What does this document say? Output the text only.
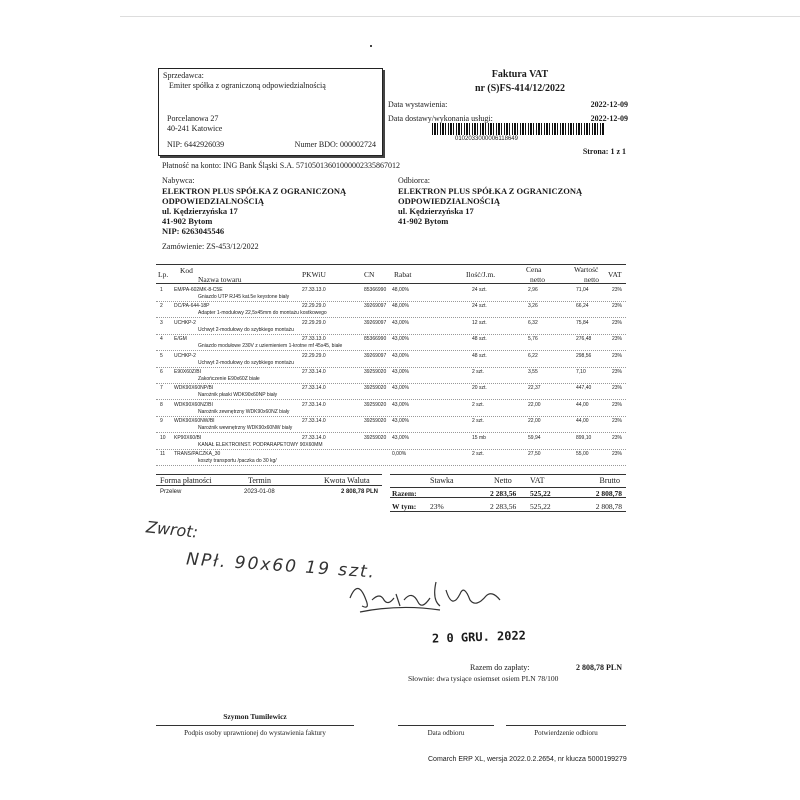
Sprzedawca:
Emiter spółka z ograniczoną odpowiedzialnością
Porcelanowa 27
40-241 Katowice
NIP: 6442926039	Numer BDO: 000002724
Faktura VAT
nr (S)FS-414/12/2022
Data wystawienia:	2022-12-09
Data dostawy/wykonania usługi:	2022-12-09
0102033000006118649
Strona: 1 z 1
Płatność na konto: ING Bank Śląski S.A. 57105013601000002335867012
Nabywca:
ELEKTRON PLUS SPÓŁKA Z OGRANICZONĄ
ODPOWIEDZIALNOŚCIĄ
ul. Kędzierzyńska 17
41-902 Bytom
NIP: 6263045546
Odbiorca:
ELEKTRON PLUS SPÓŁKA Z OGRANICZONĄ
ODPOWIEDZIALNOŚCIĄ
ul. Kędzierzyńska 17
41-902 Bytom
Zamówienie: ZS-453/12/2022
Lp. Kod
Nazwa towaru
PKWiU	CN	Rabat	Ilość/J.m.
Cena
netto
Wartość
netto
VAT
1 EM/PA-602MK-8-C5E	27.33.13.0	85366990 48,00%	24 szt.	2,96	71,04	23%
Gniazdo UTP RJ45 kat.5e keystone biały
2 DC/PA-644-18P	22.29.29.0	39269097 48,00%	24 szt.	3,26	66,24	23%
Adapter 1-modułowy 22,5x45mm do montażu kostkowego
3 UCHKP-2	22.29.29.0	39269097 43,00%	12 szt.	6,32	75,84	23%
Uchwyt 2-modułowy do szybkiego montażu
4 E/GM	27.33.13.0	85366990 43,00%	48 szt.	5,76	276,48	23%
Gniazdo modułowe 230V z uziemieniem 1-krotne mf 45x45, białe
5 UCHKP-2	22.29.29.0	39269097 43,00%	48 szt.	6,22	298,56	23%
Uchwyt 2-modułowy do szybkiego montażu
6 E90X60Z/BI	27.33.14.0	39259020 43,00%	2 szt.	3,55	7,10	23%
Zakończenie E90x60Z białe
7 WDK90X60NP/BI	27.33.14.0	39259020 43,00%	20 szt.	22,37	447,40	23%
Narożnik płaski WDK90x60NP biały
8 WDK90X60NZ/BI	27.33.14.0	39259020 43,00%	2 szt.	22,00	44,00	23%
Narożnik zewnętrzny WDK90x60NZ biały
9 WDK90X60NW/BI	27.33.14.0	39259020 43,00%	2 szt.	22,00	44,00	23%
Narożnik wewnętrzny WDK90x60NW biały
10 KP90X60/BI	27.33.14.0	39259020 43,00%	15 mb	59,94	899,10	23%
KANAŁ ELEKTROINST. PODPARAPETOWY 90X60MM
11 TRANS/PACZKA_30	0,00%	2 szt.	27,50	55,00	23%
koszty transportu /paczka do 30 kg/
Forma płatności	Termin	Kwota Waluta
Przelew	2023-01-08	2 808,78 PLN
Stawka	Netto VAT	Brutto
Razem:	2 283,56 525,22	2 808,78
W tym: 23%	2 283,56 525,22	2 808,78
Zwrot:
NPł. 90x60 19 szt.
2 0 GRU. 2022
Razem do zapłaty:	2 808,78 PLN
Słownie: dwa tysiące osiemset osiem PLN 78/100
Szymon Tumilewicz
Podpis osoby uprawnionej do wystawienia faktury	Data odbioru	Potwierdzenie odbioru
Comarch ERP XL, wersja 2022.0.2.2654, nr klucza 5000199279
